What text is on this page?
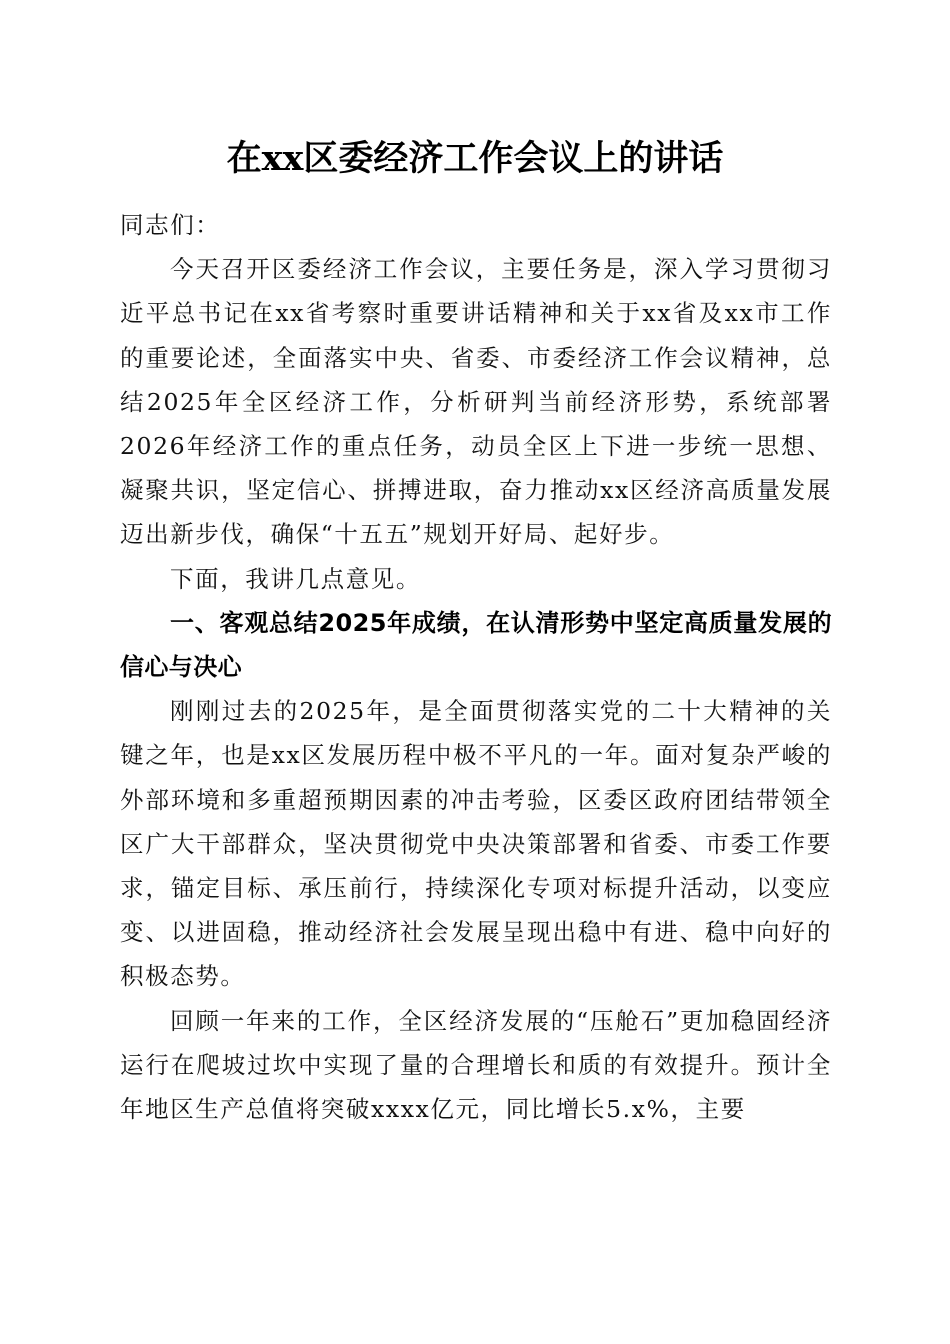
在xx区委经济工作会议上的讲话

同志们：

今天召开区委经济工作会议，主要任务是，深入学习贯彻习近平总书记在xx省考察时重要讲话精神和关于xx省及xx市工作的重要论述，全面落实中央、省委、市委经济工作会议精神，总结2025年全区经济工作，分析研判当前经济形势，系统部署2026年经济工作的重点任务，动员全区上下进一步统一思想、凝聚共识，坚定信心、拼搏进取，奋力推动xx区经济高质量发展迈出新步伐，确保“十五五”规划开好局、起好步。

下面，我讲几点意见。

一、客观总结2025年成绩，在认清形势中坚定高质量发展的信心与决心

刚刚过去的2025年，是全面贯彻落实党的二十大精神的关键之年，也是xx区发展历程中极不平凡的一年。面对复杂严峻的外部环境和多重超预期因素的冲击考验，区委区政府团结带领全区广大干部群众，坚决贯彻党中央决策部署和省委、市委工作要求，锚定目标、承压前行，持续深化专项对标提升活动，以变应变、以进固稳，推动经济社会发展呈现出稳中有进、稳中向好的积极态势。

回顾一年来的工作，全区经济发展的“压舱石”更加稳固经济运行在爬坡过坎中实现了量的合理增长和质的有效提升。预计全年地区生产总值将突破xxxx亿元，同比增长5.x%，主要
